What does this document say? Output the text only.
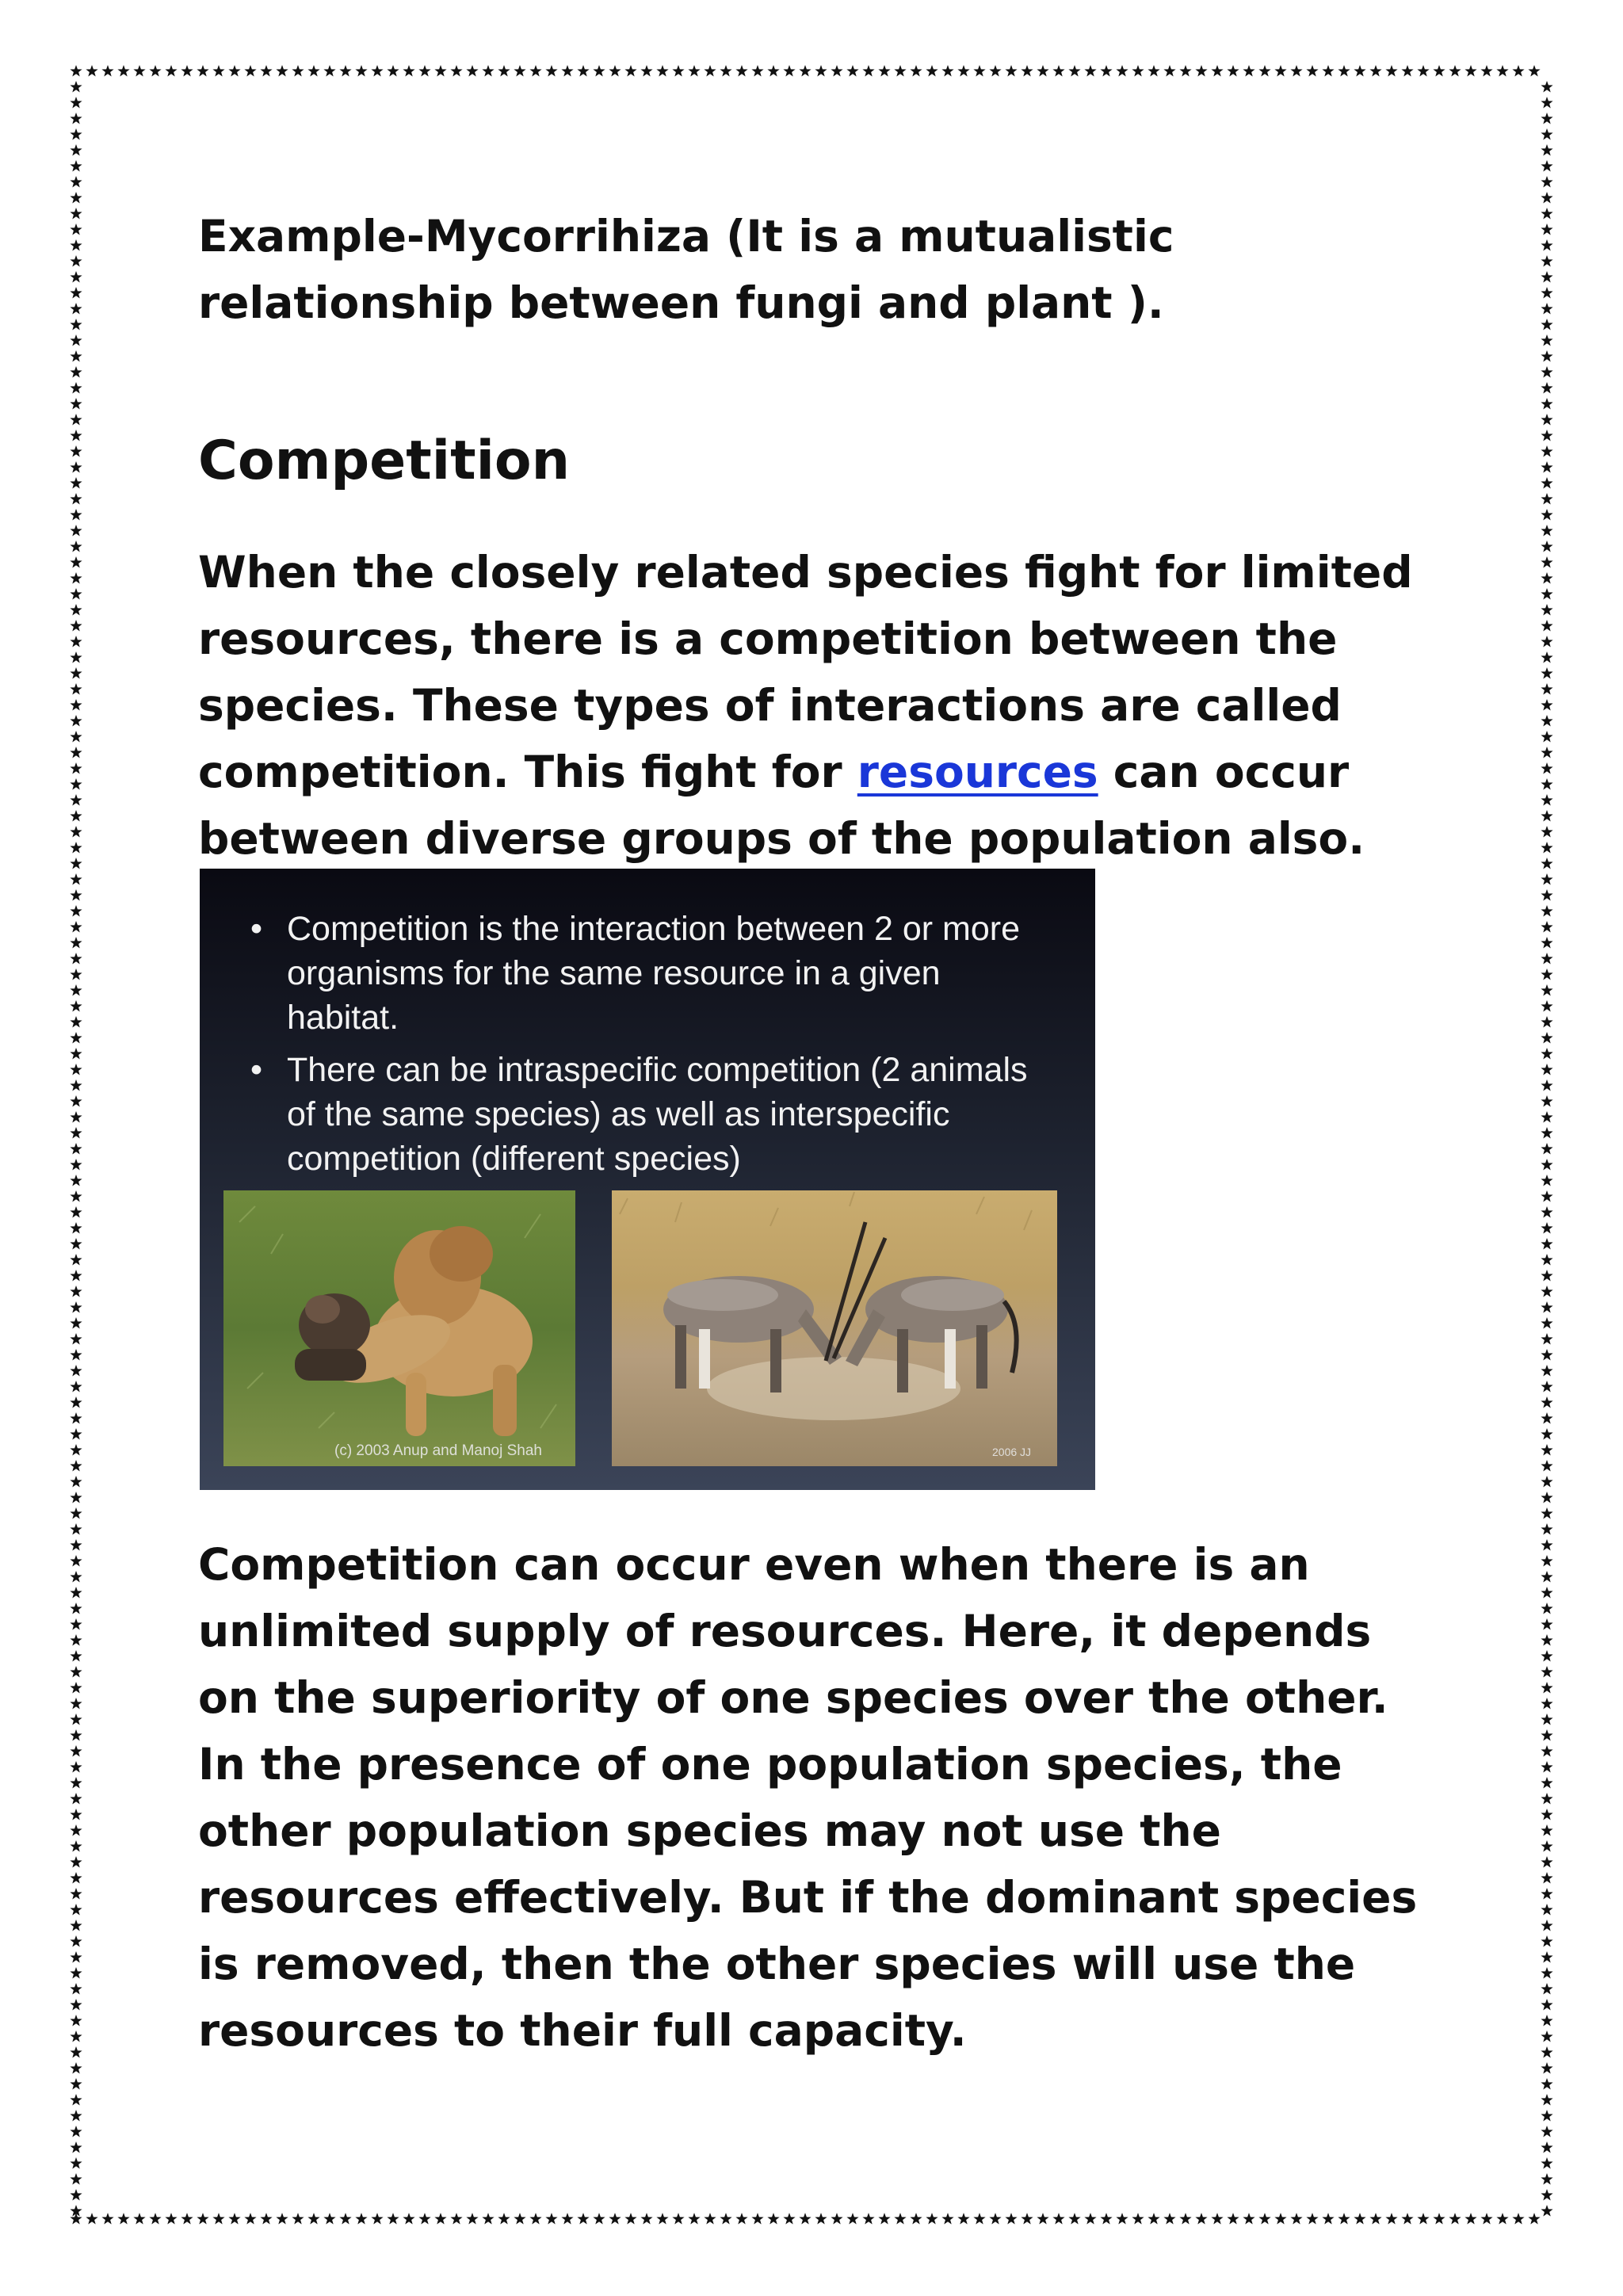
Example-Mycorrihiza (It is a mutualistic relationship between fungi and plant ).

Competition

When the closely related species fight for limited resources, there is a competition between the species. These types of interactions are called competition. This fight for resources can occur between diverse groups of the population also.

Competition can occur even when there is an unlimited supply of resources. Here, it depends on the superiority of one species over the other. In the presence of one population species, the other population species may not use the resources effectively. But if the dominant species is removed, then the other species will use the resources to their full capacity.

• Competition is the interaction between 2 or more organisms for the same resource in a given habitat.
• There can be intraspecific competition (2 animals of the same species) as well as interspecific competition (different species)
(c) 2003 Anup and Manoj Shah	2006 JJ
